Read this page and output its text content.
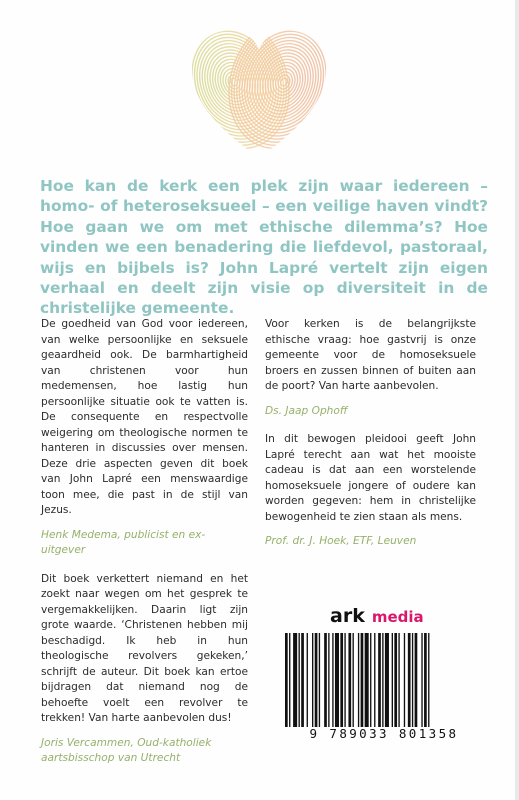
Hoe kan de kerk een plek zijn waar iedereen – homo- of heteroseksueel – een veilige haven vindt? Hoe gaan we om met ethische dilemma’s? Hoe vinden we een benadering die liefdevol, pastoraal, wijs en bijbels is? John Lapré vertelt zijn eigen verhaal en deelt zijn visie op diversiteit in de christelijke gemeente.

De goedheid van God voor iedereen, van welke persoonlijke en seksuele geaardheid ook. De barmhartigheid van christenen voor hun medemensen, hoe lastig hun persoonlijke situatie ook te vatten is. De consequente en respectvolle weigering om theologische normen te hanteren in discussies over mensen. Deze drie aspecten geven dit boek van John Lapré een menswaardige toon mee, die past in de stijl van Jezus.

Henk Medema, publicist en ex-uitgever

Dit boek verkettert niemand en het zoekt naar wegen om het gesprek te vergemakkelijken. Daarin ligt zijn grote waarde. ‘Christenen hebben mij beschadigd. Ik heb in hun theologische revolvers gekeken,’ schrijft de auteur. Dit boek kan ertoe bijdragen dat niemand nog de behoefte voelt een revolver te trekken! Van harte aanbevolen dus!

Joris Vercammen, Oud-katholiek aartsbisschop van Utrecht

Voor kerken is de belangrijkste ethische vraag: hoe gastvrij is onze gemeente voor de homoseksuele broers en zussen binnen of buiten aan de poort? Van harte aanbevolen.

Ds. Jaap Ophoff

In dit bewogen pleidooi geeft John Lapré terecht aan wat het mooiste cadeau is dat aan een worstelende homoseksuele jongere of oudere kan worden gegeven: hem in christelijke bewogenheid te zien staan als mens.

Prof. dr. J. Hoek, ETF, Leuven

ark media
9 789033 801358
